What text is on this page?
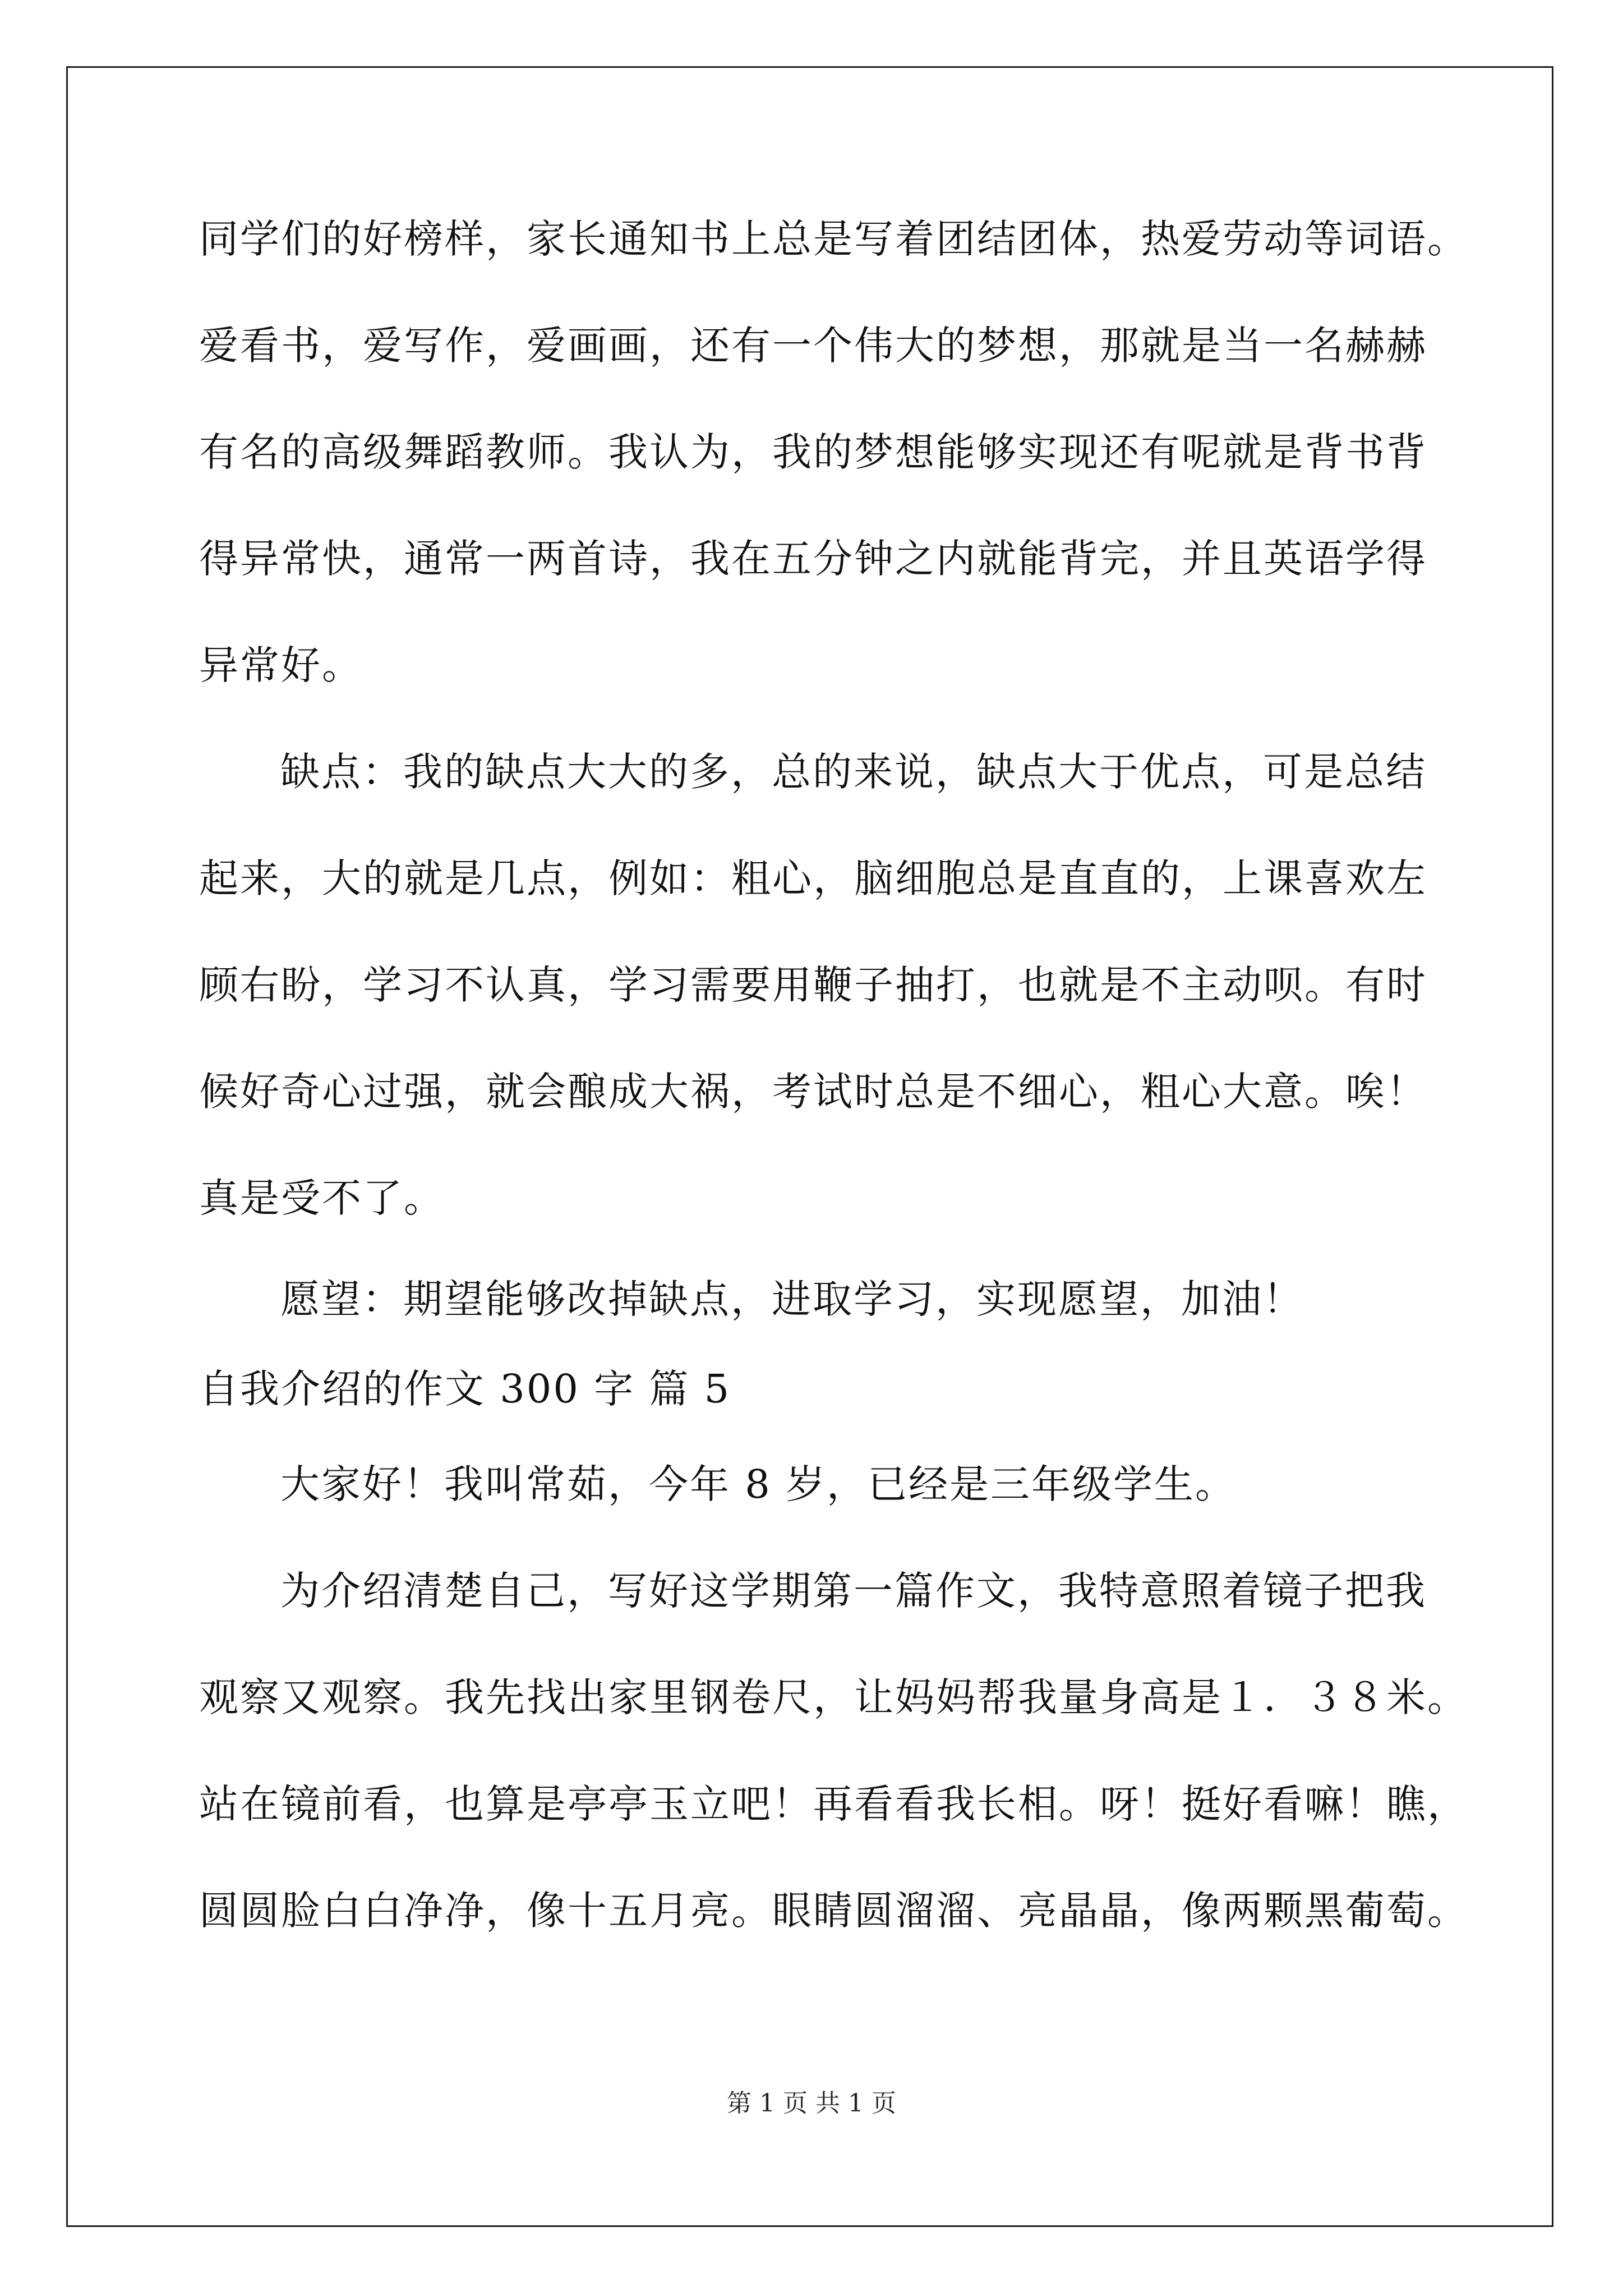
同学们的好榜样，家长通知书上总是写着团结团体，热爱劳动等词语。
爱看书，爱写作，爱画画，还有一个伟大的梦想，那就是当一名赫赫
有名的高级舞蹈教师。我认为，我的梦想能够实现还有呢就是背书背
得异常快，通常一两首诗，我在五分钟之内就能背完，并且英语学得
异常好。
缺点：我的缺点大大的多，总的来说，缺点大于优点，可是总结
起来，大的就是几点，例如：粗心，脑细胞总是直直的，上课喜欢左
顾右盼，学习不认真，学习需要用鞭子抽打，也就是不主动呗。有时
候好奇心过强，就会酿成大祸，考试时总是不细心，粗心大意。唉！
真是受不了。
愿望：期望能够改掉缺点，进取学习，实现愿望，加油！
自我介绍的作文 300 字 篇 5
大家好！我叫常茹，今年 8 岁，已经是三年级学生。
为介绍清楚自己，写好这学期第一篇作文，我特意照着镜子把我
观察又观察。我先找出家里钢卷尺，让妈妈帮我量身高是１．３８米。
站在镜前看，也算是亭亭玉立吧！再看看我长相。呀！挺好看嘛！瞧，
圆圆脸白白净净，像十五月亮。眼睛圆溜溜、亮晶晶，像两颗黑葡萄。
第 1 页 共 1 页
